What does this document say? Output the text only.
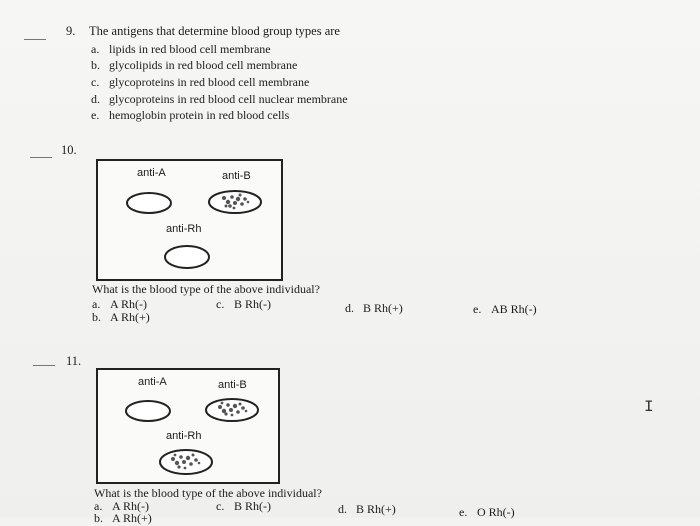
9. The antigens that determine blood group types are
a. lipids in red blood cell membrane
b. glycolipids in red blood cell membrane
c. glycoproteins in red blood cell membrane
d. glycoproteins in red blood cell nuclear membrane
e. hemoglobin protein in red blood cells
10.
anti-A	anti-B
anti-Rh
What is the blood type of the above individual?
a. A Rh(-)
b. A Rh(+)
c. B Rh(-)	d. B Rh(+)	e. AB Rh(-)
11.
anti-A	anti-B
anti-Rh
What is the blood type of the above individual?
a. A Rh(-)
b. A Rh(+)
c. B Rh(-)	d. B Rh(+)	e. O Rh(-)
I
